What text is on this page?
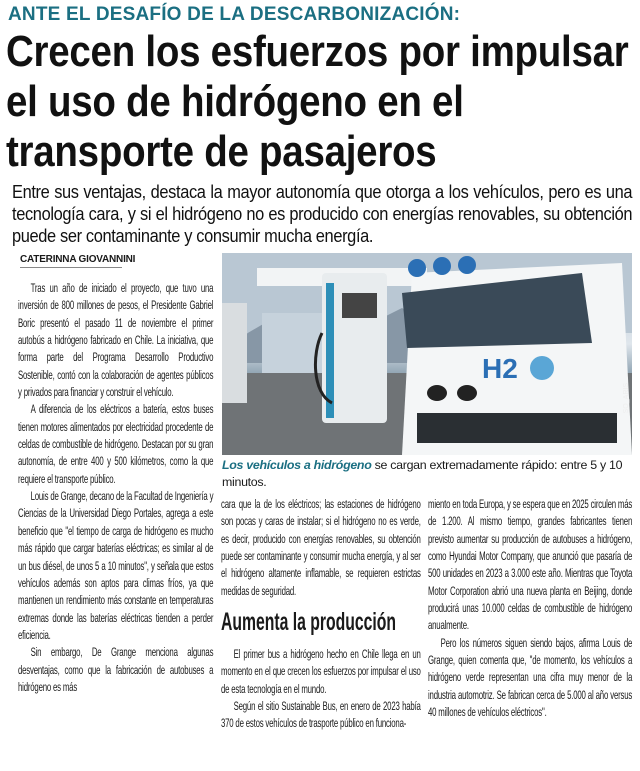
ANTE EL DESAFÍO DE LA DESCARBONIZACIÓN:
Crecen los esfuerzos por impulsar el uso de hidrógeno en el transporte de pasajeros
Entre sus ventajas, destaca la mayor autonomía que otorga a los vehículos, pero es una tecnología cara, y si el hidrógeno no es producido con energías renovables, su obtención puede ser contaminante y consumir mucha energía.
CATERINNA GIOVANNINI
H2
SO_ARIS
Los vehículos a hidrógeno se cargan extremadamente rápido: entre 5 y 10 minutos.

Tras un año de iniciado el proyecto, que tuvo una inversión de 800 millones de pesos, el Presidente Gabriel Boric presentó el pasado 11 de noviembre el primer autobús a hidrógeno fabricado en Chile. La iniciativa, que forma parte del Programa Desarrollo Productivo Sostenible, contó con la colaboración de agentes públicos y privados para financiar y construir el vehículo.

A diferencia de los eléctricos a batería, estos buses tienen motores alimentados por electricidad procedente de celdas de combustible de hidrógeno. Destacan por su gran autonomía, de entre 400 y 500 kilómetros, como la que requiere el transporte público.

Louis de Grange, decano de la Facultad de Ingeniería y Ciencias de la Universidad Diego Portales, agrega a este beneficio que "el tiempo de carga de hidrógeno es mucho más rápido que cargar baterías eléctricas; es similar al de un bus diésel, de unos 5 a 10 minutos", y señala que estos vehículos además son aptos para climas fríos, ya que mantienen un rendimiento más constante en temperaturas extremas donde las baterías eléctricas tienden a perder eficiencia.

Sin embargo, De Grange menciona algunas desventajas, como que la fabricación de autobuses a hidrógeno es más

cara que la de los eléctricos; las estaciones de hidrógeno son pocas y caras de instalar; si el hidrógeno no es verde, es decir, producido con energías renovables, su obtención puede ser contaminante y consumir mucha energía, y al ser el hidrógeno altamente inflamable, se requieren estrictas medidas de seguridad.

Aumenta la producción

El primer bus a hidrógeno hecho en Chile llega en un momento en el que crecen los esfuerzos por impulsar el uso de esta tecnología en el mundo.

Según el sitio Sustainable Bus, en enero de 2023 había 370 de estos vehículos de trasporte público en funciona-

miento en toda Europa, y se espera que en 2025 circulen más de 1.200. Al mismo tiempo, grandes fabricantes tienen previsto aumentar su producción de autobuses a hidrógeno, como Hyundai Motor Company, que anunció que pasaría de 500 unidades en 2023 a 3.000 este año. Mientras que Toyota Motor Corporation abrió una nueva planta en Beijing, donde producirá unas 10.000 celdas de combustible de hidrógeno anualmente.

Pero los números siguen siendo bajos, afirma Louis de Grange, quien comenta que, "de momento, los vehículos a hidrógeno verde representan una cifra muy menor de la industria automotriz. Se fabrican cerca de 5.000 al año versus 40 millones de vehículos eléctricos".
